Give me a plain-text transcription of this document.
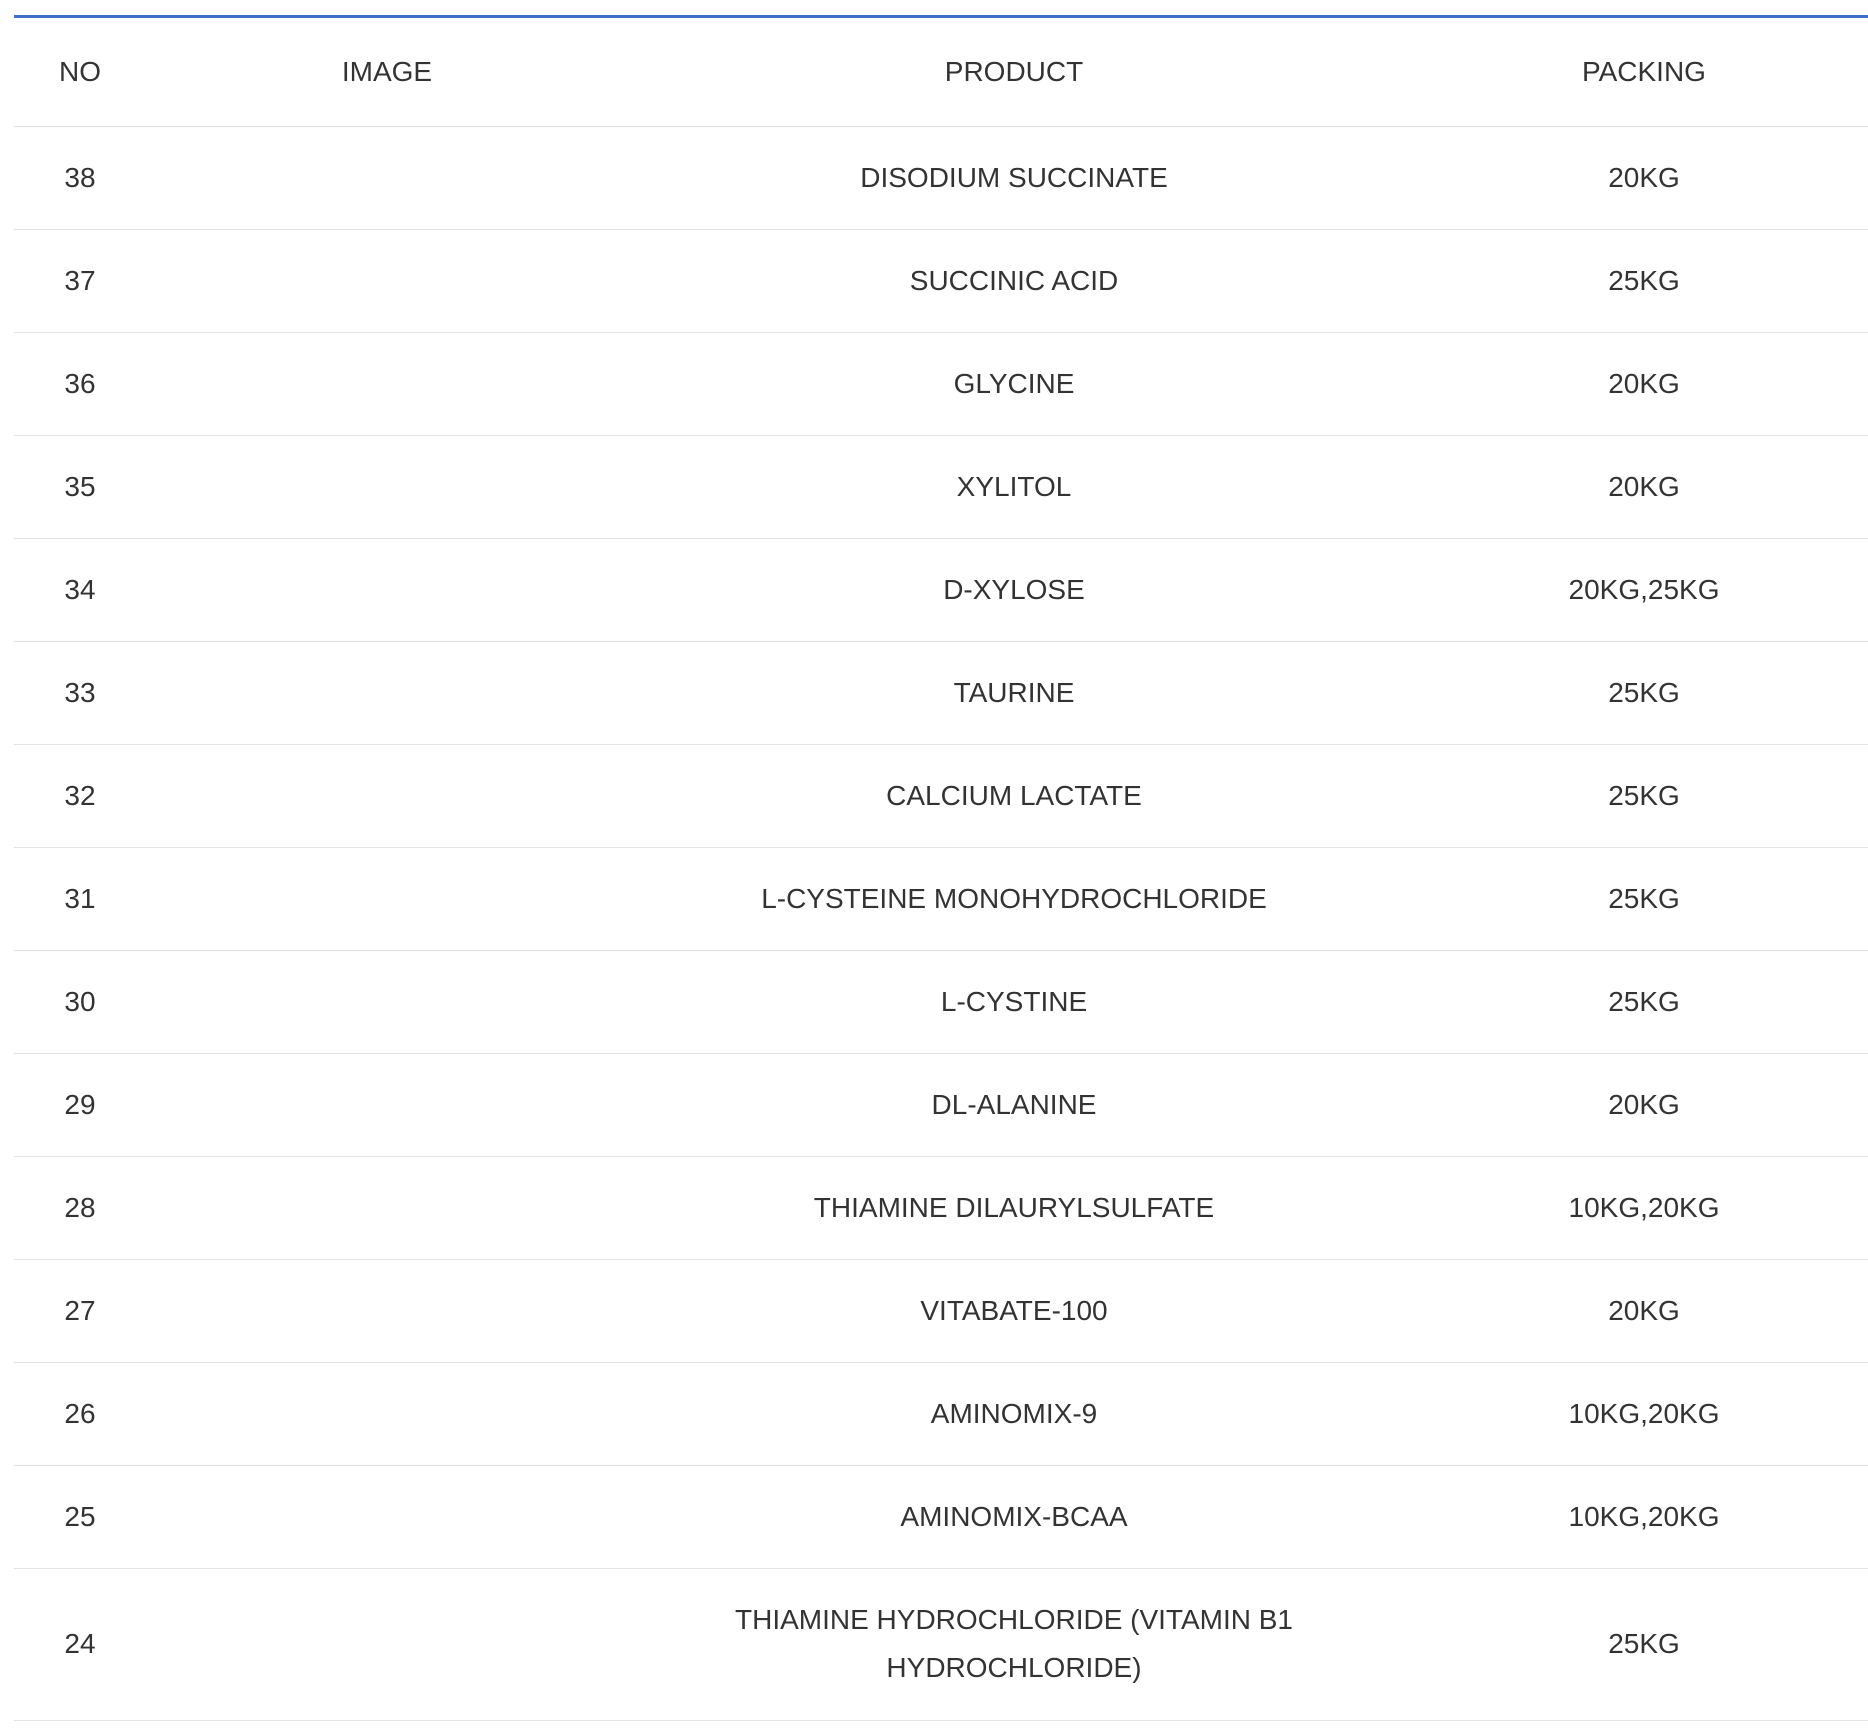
NO	IMAGE	PRODUCT	PACKING	
38		DISODIUM SUCCINATE	20KG	
37		SUCCINIC ACID	25KG	
36		GLYCINE	20KG	
35		XYLITOL	20KG	
34		D-XYLOSE	20KG,25KG	
33		TAURINE	25KG	
32		CALCIUM LACTATE	25KG	
31		L-CYSTEINE MONOHYDROCHLORIDE	25KG	
30		L-CYSTINE	25KG	
29		DL-ALANINE	20KG	
28		THIAMINE DILAURYLSULFATE	10KG,20KG	
27		VITABATE-100	20KG	
26		AMINOMIX-9	10KG,20KG	
25		AMINOMIX-BCAA	10KG,20KG	
24		THIAMINE HYDROCHLORIDE (VITAMIN B1 HYDROCHLORIDE)	25KG	
